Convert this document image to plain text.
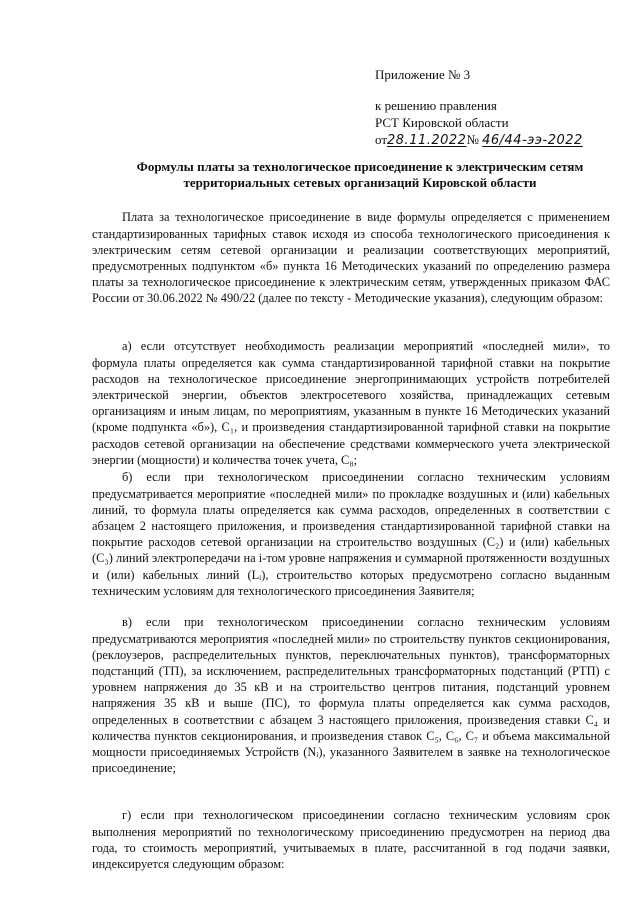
Приложение № 3
к решению правления
РСТ Кировской области
от28.11.2022№ 46/44-ээ-2022
Формулы платы за технологическое присоединение к электрическим сетям
территориальных сетевых организаций Кировской области

Плата за технологическое присоединение в виде формулы определяется с применением стандартизированных тарифных ставок исходя из способа технологического присоединения к электрическим сетям сетевой организации и реализации соответствующих мероприятий, предусмотренных подпунктом «б» пункта 16 Методических указаний по определению размера платы за технологическое присоединение к электрическим сетям, утвержденных приказом ФАС России от 30.06.2022 № 490/22 (далее по тексту - Методические указания), следующим образом:

а) если отсутствует необходимость реализации мероприятий «последней мили», то формула платы определяется как сумма стандартизированной тарифной ставки на покрытие расходов на технологическое присоединение энергопринимающих устройств потребителей электрической энергии, объектов электросетевого хозяйства, принадлежащих сетевым организациям и иным лицам, по мероприятиям, указанным в пункте 16 Методических указаний (кроме подпункта «б»), C₁, и произведения стандартизированной тарифной ставки на покрытие расходов сетевой организации на обеспечение средствами коммерческого учета электрической энергии (мощности) и количества точек учета, C₈;

б) если при технологическом присоединении согласно техническим условиям предусматривается мероприятие «последней мили» по прокладке воздушных и (или) кабельных линий, то формула платы определяется как сумма расходов, определенных в соответствии с абзацем 2 настоящего приложения, и произведения стандартизированной тарифной ставки на покрытие расходов сетевой организации на строительство воздушных (C₂) и (или) кабельных (C₃) линий электропередачи на i-том уровне напряжения и суммарной протяженности воздушных и (или) кабельных линий (Lᵢ), строительство которых предусмотрено согласно выданным техническим условиям для технологического присоединения Заявителя;

в) если при технологическом присоединении согласно техническим условиям предусматриваются мероприятия «последней мили» по строительству пунктов секционирования, (реклоузеров, распределительных пунктов, переключательных пунктов), трансформаторных подстанций (ТП), за исключением, распределительных трансформаторных подстанций (РТП) с уровнем напряжения до 35 кВ и на строительство центров питания, подстанций уровнем напряжения 35 кВ и выше (ПС), то формула платы определяется как сумма расходов, определенных в соответствии с абзацем 3 настоящего приложения, произведения ставки C₄ и количества пунктов секционирования, и произведения ставок C₅, C₆, C₇ и объема максимальной мощности присоединяемых Устройств (Nᵢ), указанного Заявителем в заявке на технологическое присоединение;

г) если при технологическом присоединении согласно техническим условиям срок выполнения мероприятий по технологическому присоединению предусмотрен на период два года, то стоимость мероприятий, учитываемых в плате, рассчитанной в год подачи заявки, индексируется следующим образом:
